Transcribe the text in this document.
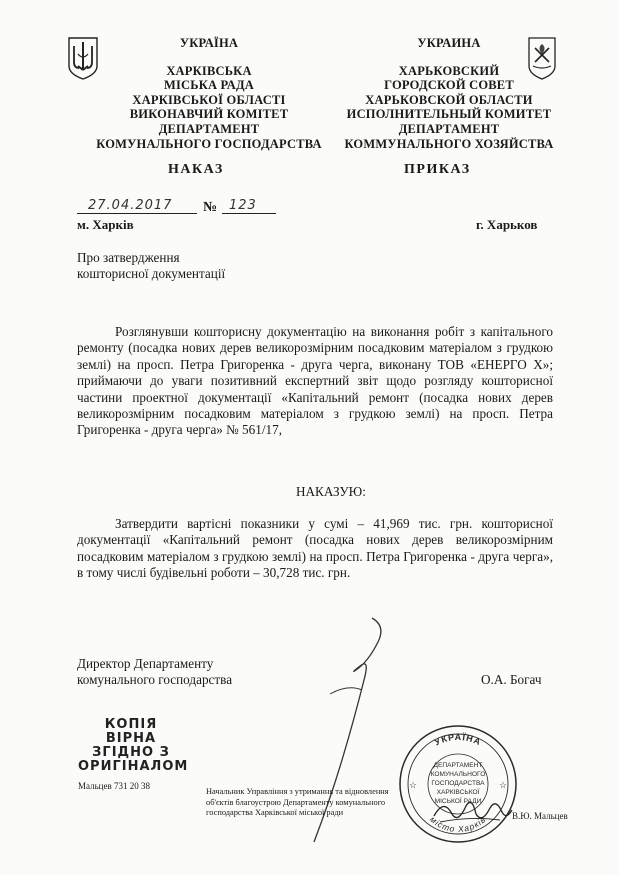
УКРАЇНА
ХАРКІВСЬКА
МІСЬКА РАДА
ХАРКІВСЬКОЇ ОБЛАСТІ
ВИКОНАВЧИЙ КОМІТЕТ
ДЕПАРТАМЕНТ
КОМУНАЛЬНОГО ГОСПОДАРСТВА
УКРАИНА
ХАРЬКОВСКИЙ
ГОРОДСКОЙ СОВЕТ
ХАРЬКОВСКОЙ ОБЛАСТИ
ИСПОЛНИТЕЛЬНЫЙ КОМИТЕТ
ДЕПАРТАМЕНТ
КОММУНАЛЬНОГО ХОЗЯЙСТВА
НАКАЗ	ПРИКАЗ
27.04.2017 № 123
м. Харків	г. Харьков
Про затвердження
кошторисної документації
Розглянувши кошторисну документацію на виконання робіт з капітального ремонту (посадка нових дерев великорозмірним посадковим матеріалом з грудкою землі) на просп. Петра Григоренка - друга черга, виконану ТОВ «ЕНЕРГО Х»; приймаючи до уваги позитивний експертний звіт щодо розгляду кошторисної частини проектної документації «Капітальний ремонт (посадка нових дерев великорозмірним посадковим матеріалом з грудкою землі) на просп. Петра Григоренка - друга черга» № 561/17,
НАКАЗУЮ:
Затвердити вартісні показники у сумі – 41,969 тис. грн. кошторисної документації «Капітальний ремонт (посадка нових дерев великорозмірним посадковим матеріалом з грудкою землі) на просп. Петра Григоренка - друга черга», в тому числі будівельні роботи – 30,728 тис. грн.
Директор Департаменту
комунального господарства	О.А. Богач
КОПІЯ ВІРНА
ЗГІДНО З
ОРИГІНАЛОМ
Мальцев 731 20 38
Начальник Управління з утримання та відновлення
об'єктів благоустрою Департаменту комунального
господарства Харківської міської ради	В.Ю. Мальцев
УКРАЇНА
місто Харків
ДЕПАРТАМЕНТ
КОМУНАЛЬНОГО
ГОСПОДАРСТВА
ХАРКІВСЬКОЇ
МІСЬКОЇ РАДИ
☆	☆
